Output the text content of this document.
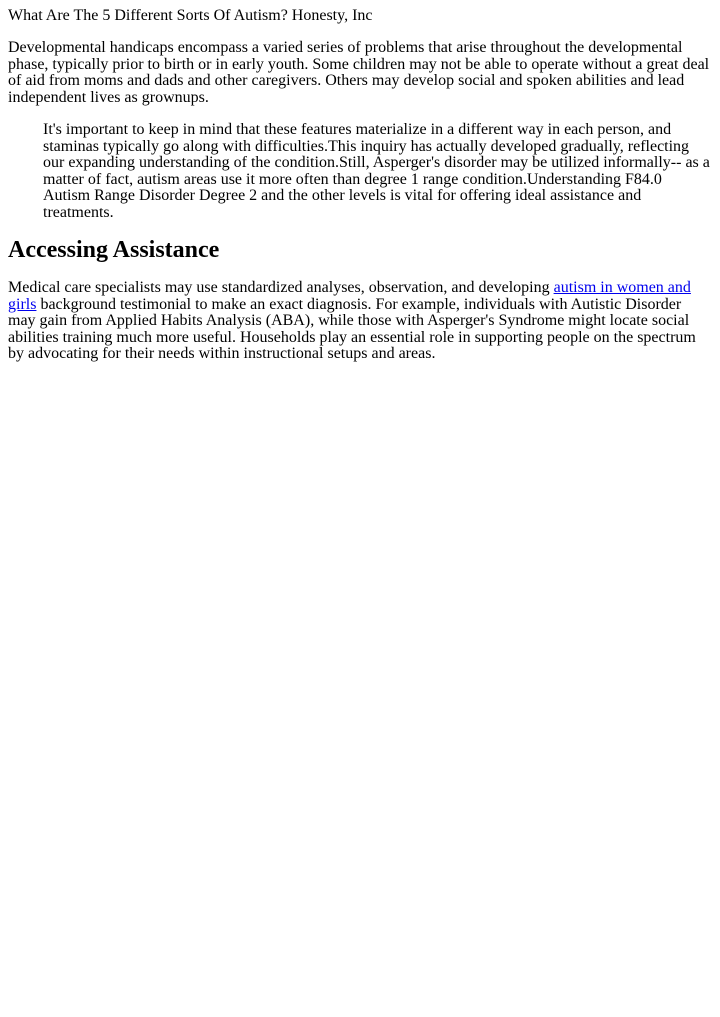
What Are The 5 Different Sorts Of Autism? Honesty, Inc

Developmental handicaps encompass a varied series of problems that arise throughout the developmental phase, typically prior to birth or in early youth. Some children may not be able to operate without a great deal of aid from moms and dads and other caregivers. Others may develop social and spoken abilities and lead independent lives as grownups.

It's important to keep in mind that these features materialize in a different way in each person, and staminas typically go along with difficulties.This inquiry has actually developed gradually, reflecting our expanding understanding of the condition.Still, Asperger's disorder may be utilized informally-- as a matter of fact, autism areas use it more often than degree 1 range condition.Understanding F84.0 Autism Range Disorder Degree 2 and the other levels is vital for offering ideal assistance and treatments.
Accessing Assistance

Medical care specialists may use standardized analyses, observation, and developing autism in women and girls background testimonial to make an exact diagnosis. For example, individuals with Autistic Disorder may gain from Applied Habits Analysis (ABA), while those with Asperger's Syndrome might locate social abilities training much more useful. Households play an essential role in supporting people on the spectrum by advocating for their needs within instructional setups and areas.
